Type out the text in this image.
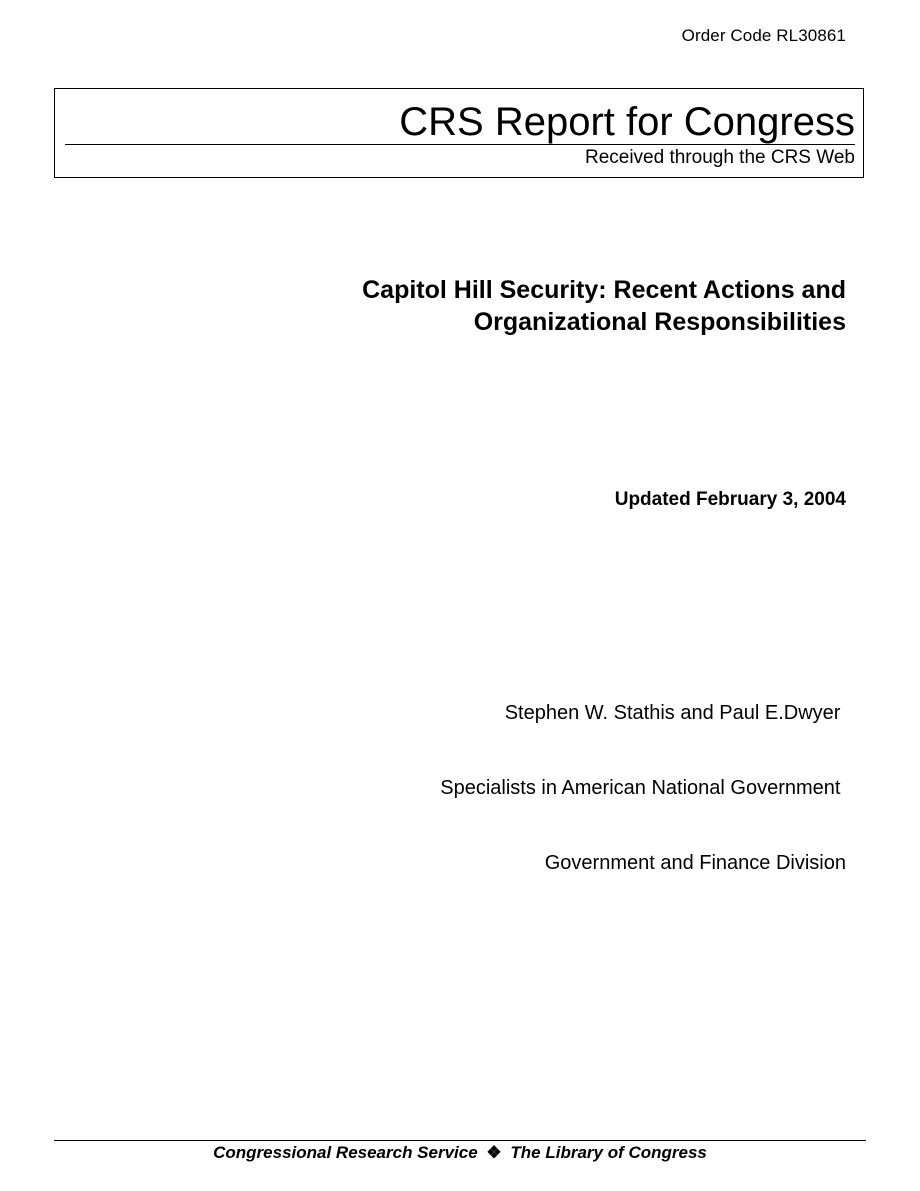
Order Code RL30861
CRS Report for Congress
Received through the CRS Web
Capitol Hill Security: Recent Actions and
Organizational Responsibilities
Updated February 3, 2004

Stephen W. Stathis and Paul E.Dwyer

Specialists in American National Government

Government and Finance Division

Congressional Research Service ❖ The Library of Congress
